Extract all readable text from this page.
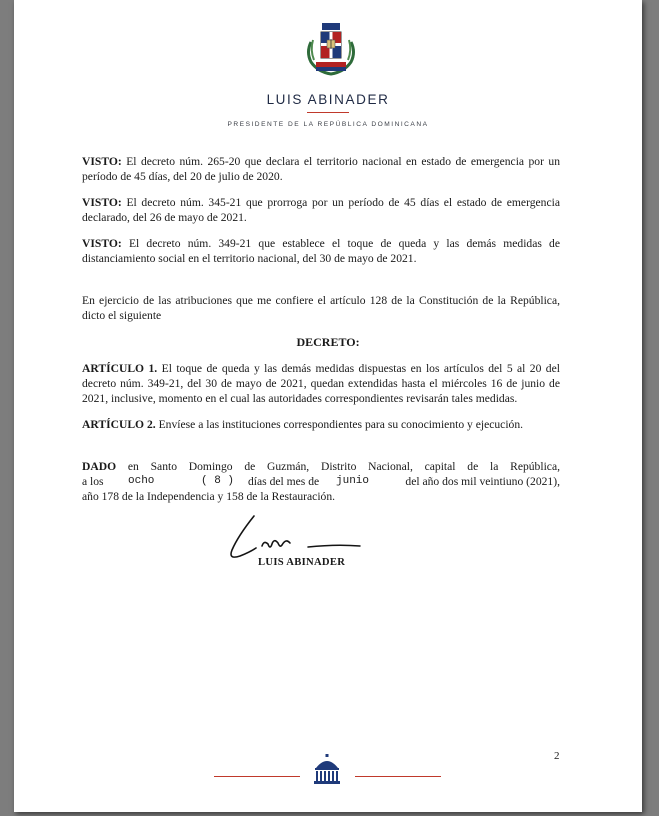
LUIS ABINADER
PRESIDENTE DE LA REPÚBLICA DOMINICANA
VISTO: El decreto núm. 265-20 que declara el territorio nacional en estado de emergencia por un período de 45 días, del 20 de julio de 2020.
VISTO: El decreto núm. 345-21 que prorroga por un período de 45 días el estado de emergencia declarado, del 26 de mayo de 2021.
VISTO: El decreto núm. 349-21 que establece el toque de queda y las demás medidas de distanciamiento social en el territorio nacional, del 30 de mayo de 2021.
En ejercicio de las atribuciones que me confiere el artículo 128 de la Constitución de la República, dicto el siguiente
DECRETO:
ARTÍCULO 1. El toque de queda y las demás medidas dispuestas en los artículos del 5 al 20 del decreto núm. 349-21, del 30 de mayo de 2021, quedan extendidas hasta el miércoles 16 de junio de 2021, inclusive, momento en el cual las autoridades correspondientes revisarán tales medidas.
ARTÍCULO 2. Envíese a las instituciones correspondientes para su conocimiento y ejecución.
DADO en Santo Domingo de Guzmán, Distrito Nacional, capital de la República,
a los ocho	( 8 ) días del mes de junio	del año dos mil veintiuno (2021),
año 178 de la Independencia y 158 de la Restauración.
LUIS ABINADER
2
